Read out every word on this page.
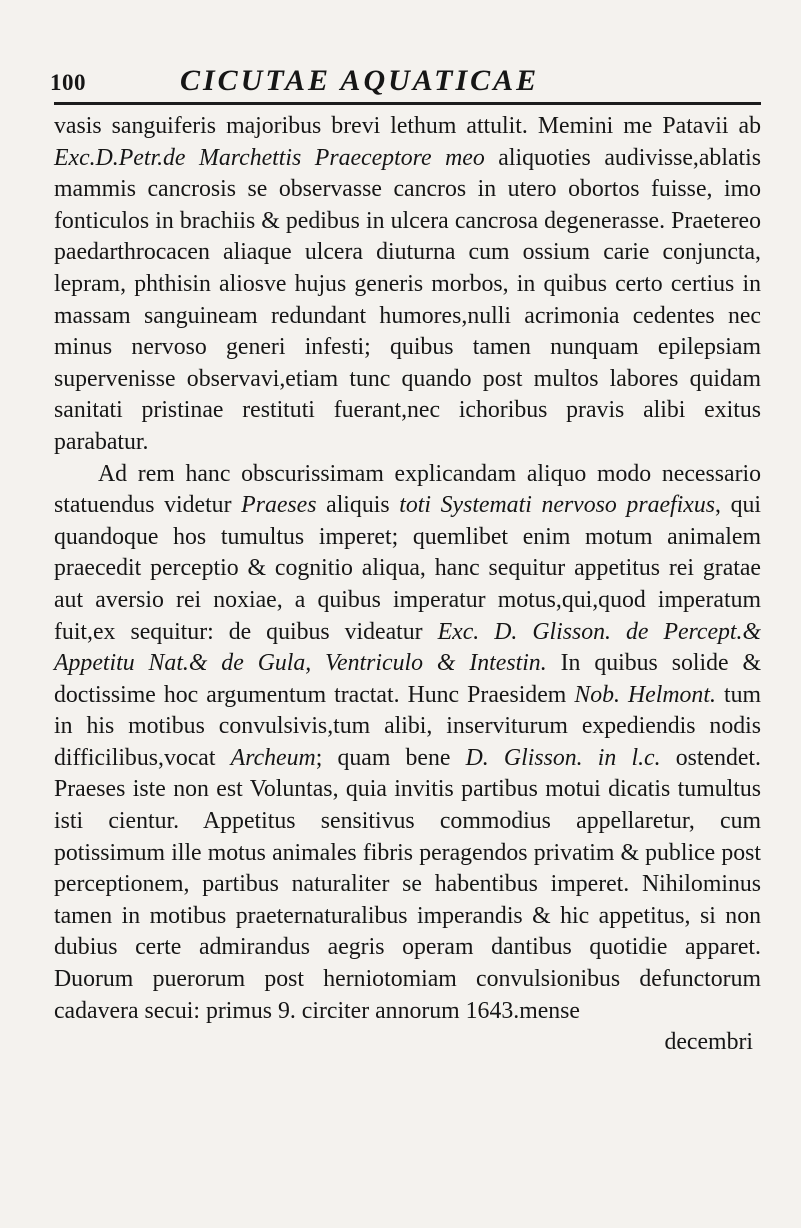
100	CICUTAE AQUATICAE

vasis sanguiferis majoribus brevi lethum attulit. Memini me Patavii ab Exc.D.Petr.de Marchettis Praeceptore meo aliquoties audivisse,ablatis mammis cancrosis se observasse cancros in utero obortos fuisse, imo fonticulos in brachiis & pedibus in ulcera cancrosa degenerasse. Praetereo paedarthrocacen aliaque ulcera diuturna cum ossium carie conjuncta, lepram, phthisin aliosve hujus generis morbos, in quibus certo certius in massam sanguineam redundant humores,nulli acrimonia cedentes nec minus nervoso generi infesti; quibus tamen nunquam epilepsiam supervenisse observavi,etiam tunc quando post multos labores quidam sanitati pristinae restituti fuerant,nec ichoribus pravis alibi exitus parabatur.

Ad rem hanc obscurissimam explicandam aliquo modo necessario statuendus videtur Praeses aliquis toti Systemati nervoso praefixus, qui quandoque hos tumultus imperet; quemlibet enim motum animalem praecedit perceptio & cognitio aliqua, hanc sequitur appetitus rei gratae aut aversio rei noxiae, a quibus imperatur motus,qui,quod imperatum fuit,ex sequitur: de quibus videatur Exc. D. Glisson. de Percept.& Appetitu Nat.& de Gula, Ventriculo & Intestin. In quibus solide & doctissime hoc argumentum tractat. Hunc Praesidem Nob. Helmont. tum in his motibus convulsivis,tum alibi, inserviturum expediendis nodis difficilibus,vocat Archeum; quam bene D. Glisson. in l.c. ostendet. Praeses iste non est Voluntas, quia invitis partibus motui dicatis tumultus isti cientur. Appetitus sensitivus commodius appellaretur, cum potissimum ille motus animales fibris peragendos privatim & publice post perceptionem, partibus naturaliter se habentibus imperet. Nihilominus tamen in motibus praeternaturalibus imperandis & hic appetitus, si non dubius certe admirandus aegris operam dantibus quotidie apparet. Duorum puerorum post herniotomiam convulsionibus defunctorum cadavera secui: primus 9. circiter annorum 1643.mense

decembri
